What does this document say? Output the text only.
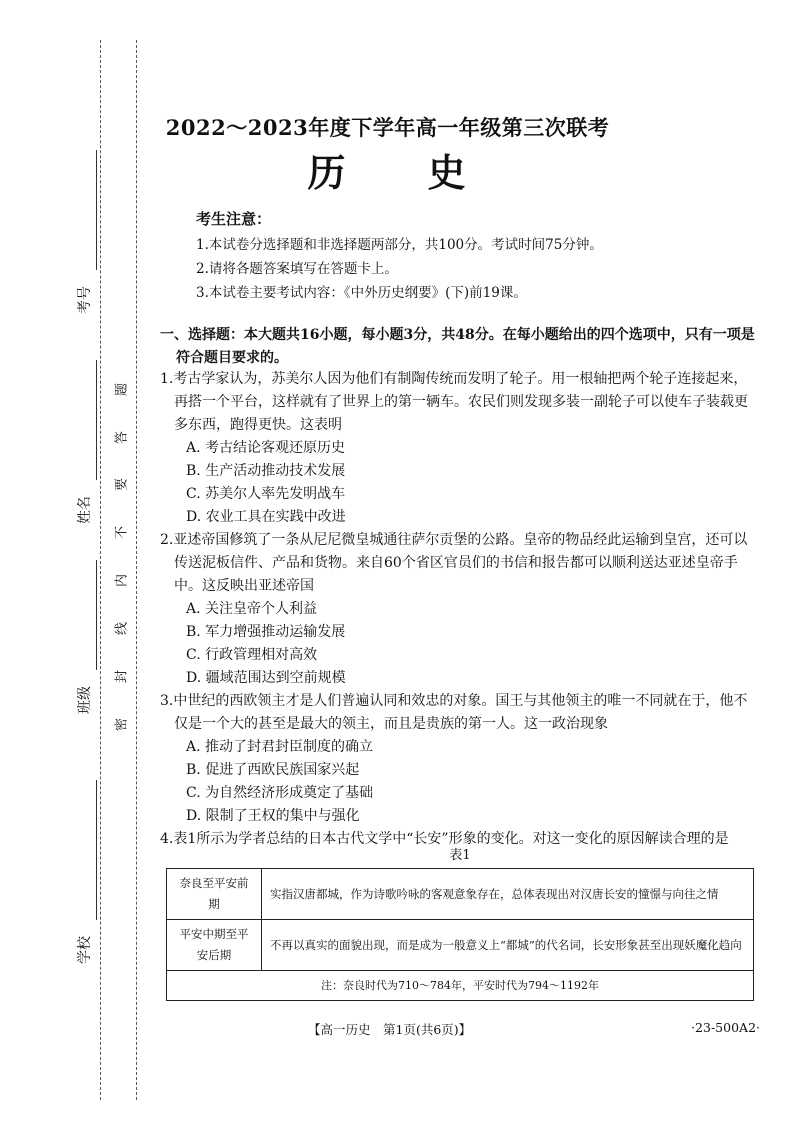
考号
姓名
班级
学校
题
答
要
不
内
线
封
密
2022～2023年度下学年高一年级第三次联考
历　　史
考生注意：
1.本试卷分选择题和非选择题两部分，共100分。考试时间75分钟。
2.请将各题答案填写在答题卡上。
3.本试卷主要考试内容：《中外历史纲要》(下)前19课。
一、选择题：本大题共16小题，每小题3分，共48分。在每小题给出的四个选项中，只有一项是
符合题目要求的。

1.考古学家认为，苏美尔人因为他们有制陶传统而发明了轮子。用一根轴把两个轮子连接起来，再搭一个平台，这样就有了世界上的第一辆车。农民们则发现多装一副轮子可以使车子装载更多东西，跑得更快。这表明

A. 考古结论客观还原历史

B. 生产活动推动技术发展

C. 苏美尔人率先发明战车

D. 农业工具在实践中改进

2.亚述帝国修筑了一条从尼尼微皇城通往萨尔贡堡的公路。皇帝的物品经此运输到皇宫，还可以传送泥板信件、产品和货物。来自60个省区官员们的书信和报告都可以顺利送达亚述皇帝手中。这反映出亚述帝国

A. 关注皇帝个人利益

B. 军力增强推动运输发展

C. 行政管理相对高效

D. 疆域范围达到空前规模

3.中世纪的西欧领主才是人们普遍认同和效忠的对象。国王与其他领主的唯一不同就在于，他不仅是一个大的甚至是最大的领主，而且是贵族的第一人。这一政治现象

A. 推动了封君封臣制度的确立

B. 促进了西欧民族国家兴起

C. 为自然经济形成奠定了基础

D. 限制了王权的集中与强化

4.表1所示为学者总结的日本古代文学中“长安”形象的变化。对这一变化的原因解读合理的是

表1
奈良至平安前期	实指汉唐都城，作为诗歌吟咏的客观意象存在，总体表现出对汉唐长安的憧憬与向往之情
平安中期至平安后期	不再以真实的面貌出现，而是成为一般意义上“都城”的代名词，长安形象甚至出现妖魔化趋向
注：奈良时代为710～784年，平安时代为794～1192年	
【高一历史　第1页(共6页)】	·23-500A2·
